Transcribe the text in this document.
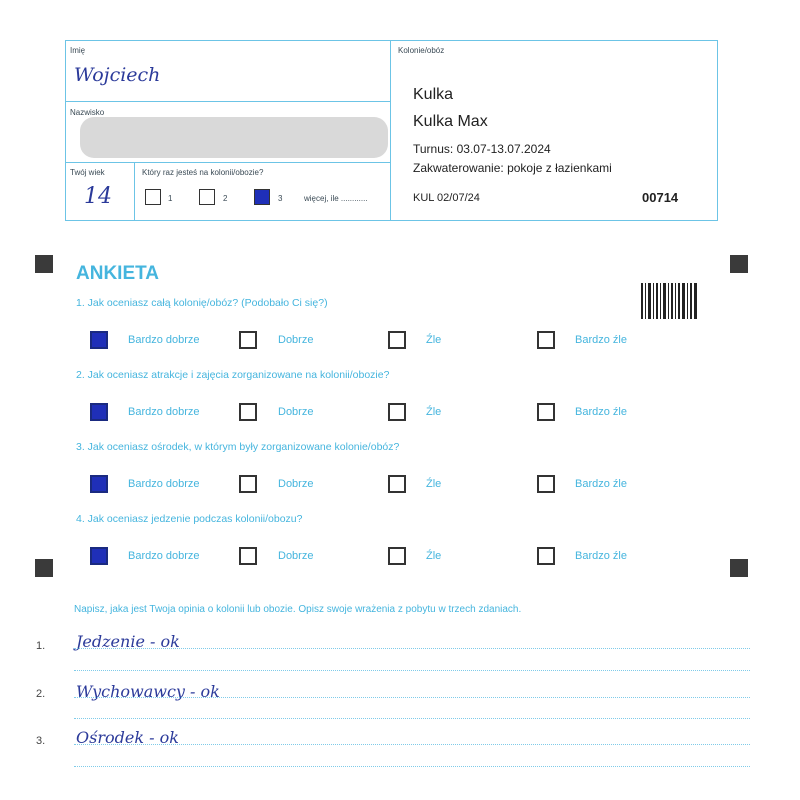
Imię
Wojciech
Nazwisko
Twój wiek
14
Który raz jesteś na kolonii/obozie?
1	2	3	więcej, ile ............
Kolonie/obóz
Kulka
Kulka Max
Turnus: 03.07-13.07.2024
Zakwaterowanie: pokoje z łazienkami
KUL 02/07/24	00714
ANKIETA
1. Jak oceniasz całą kolonię/obóz? (Podobało Ci się?)
Bardzo dobrze	Dobrze	Źle	Bardzo źle
2. Jak oceniasz atrakcje i zajęcia zorganizowane na kolonii/obozie?
Bardzo dobrze	Dobrze	Źle	Bardzo źle
3. Jak oceniasz ośrodek, w którym były zorganizowane kolonie/obóz?
Bardzo dobrze	Dobrze	Źle	Bardzo źle
4. Jak oceniasz jedzenie podczas kolonii/obozu?
Bardzo dobrze	Dobrze	Źle	Bardzo źle
Napisz, jaka jest Twoja opinia o kolonii lub obozie. Opisz swoje wrażenia z pobytu w trzech zdaniach.
1. Jedzenie - ok
2. Wychowawcy - ok
3. Ośrodek - ok
